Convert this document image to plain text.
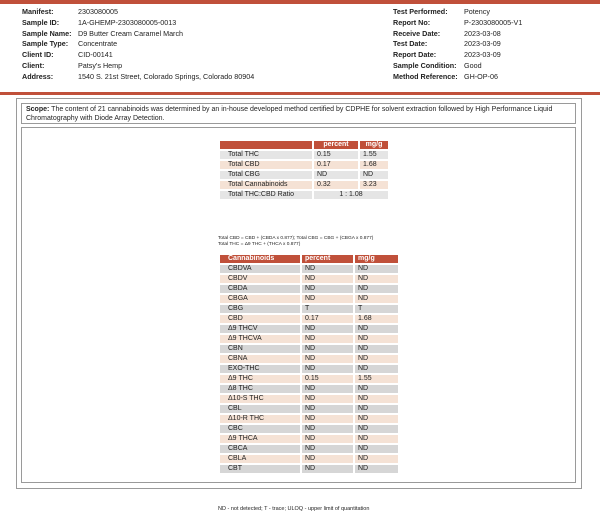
Manifest:	2303080005
Sample ID:	1A-GHEMP-2303080005-0013
Sample Name: D9 Butter Cream Caramel March
Sample Type:	Concentrate
Client ID:	CID-00141
Client:	Patsy's Hemp
Address:	1540 S. 21st Street, Colorado Springs, Colorado 80904
Test Performed:	Potency
Report No:	P-2303080005-V1
Receive Date:	2023-03-08
Test Date:	2023-03-09
Report Date:	2023-03-09
Sample Condition:	Good
Method Reference: GH-OP-06
Scope: The content of 21 cannabinoids was determined by an in-house developed method certified by CDPHE for solvent extraction followed by High Performance Liquid Chromatography with Diode Array Detection.
	percent	mg/g
Total THC	0.15	1.55
Total CBD	0.17	1.68
Total CBG	ND	ND
Total Cannabinoids	0.32	3.23
Total THC:CBD Ratio	1 : 1.08	
Total CBD = CBD + (CBDA x 0.877); Total CBG = CBG + (CBGA x 0.877)
Total THC = Δ9 THC + (THCA x 0.877)
Cannabinoids	percent	mg/g
CBDVA	ND	ND
CBDV	ND	ND
CBDA	ND	ND
CBGA	ND	ND
CBG	T	T
CBD	0.17	1.68
Δ9 THCV	ND	ND
Δ9 THCVA	ND	ND
CBN	ND	ND
CBNA	ND	ND
EXO-THC	ND	ND
Δ9 THC	0.15	1.55
Δ8 THC	ND	ND
Δ10-S THC	ND	ND
CBL	ND	ND
Δ10-R THC	ND	ND
CBC	ND	ND
Δ9 THCA	ND	ND
CBCA	ND	ND
CBLA	ND	ND
CBT	ND	ND
ND - not detected; T - trace; ULOQ - upper limit of quantitation
